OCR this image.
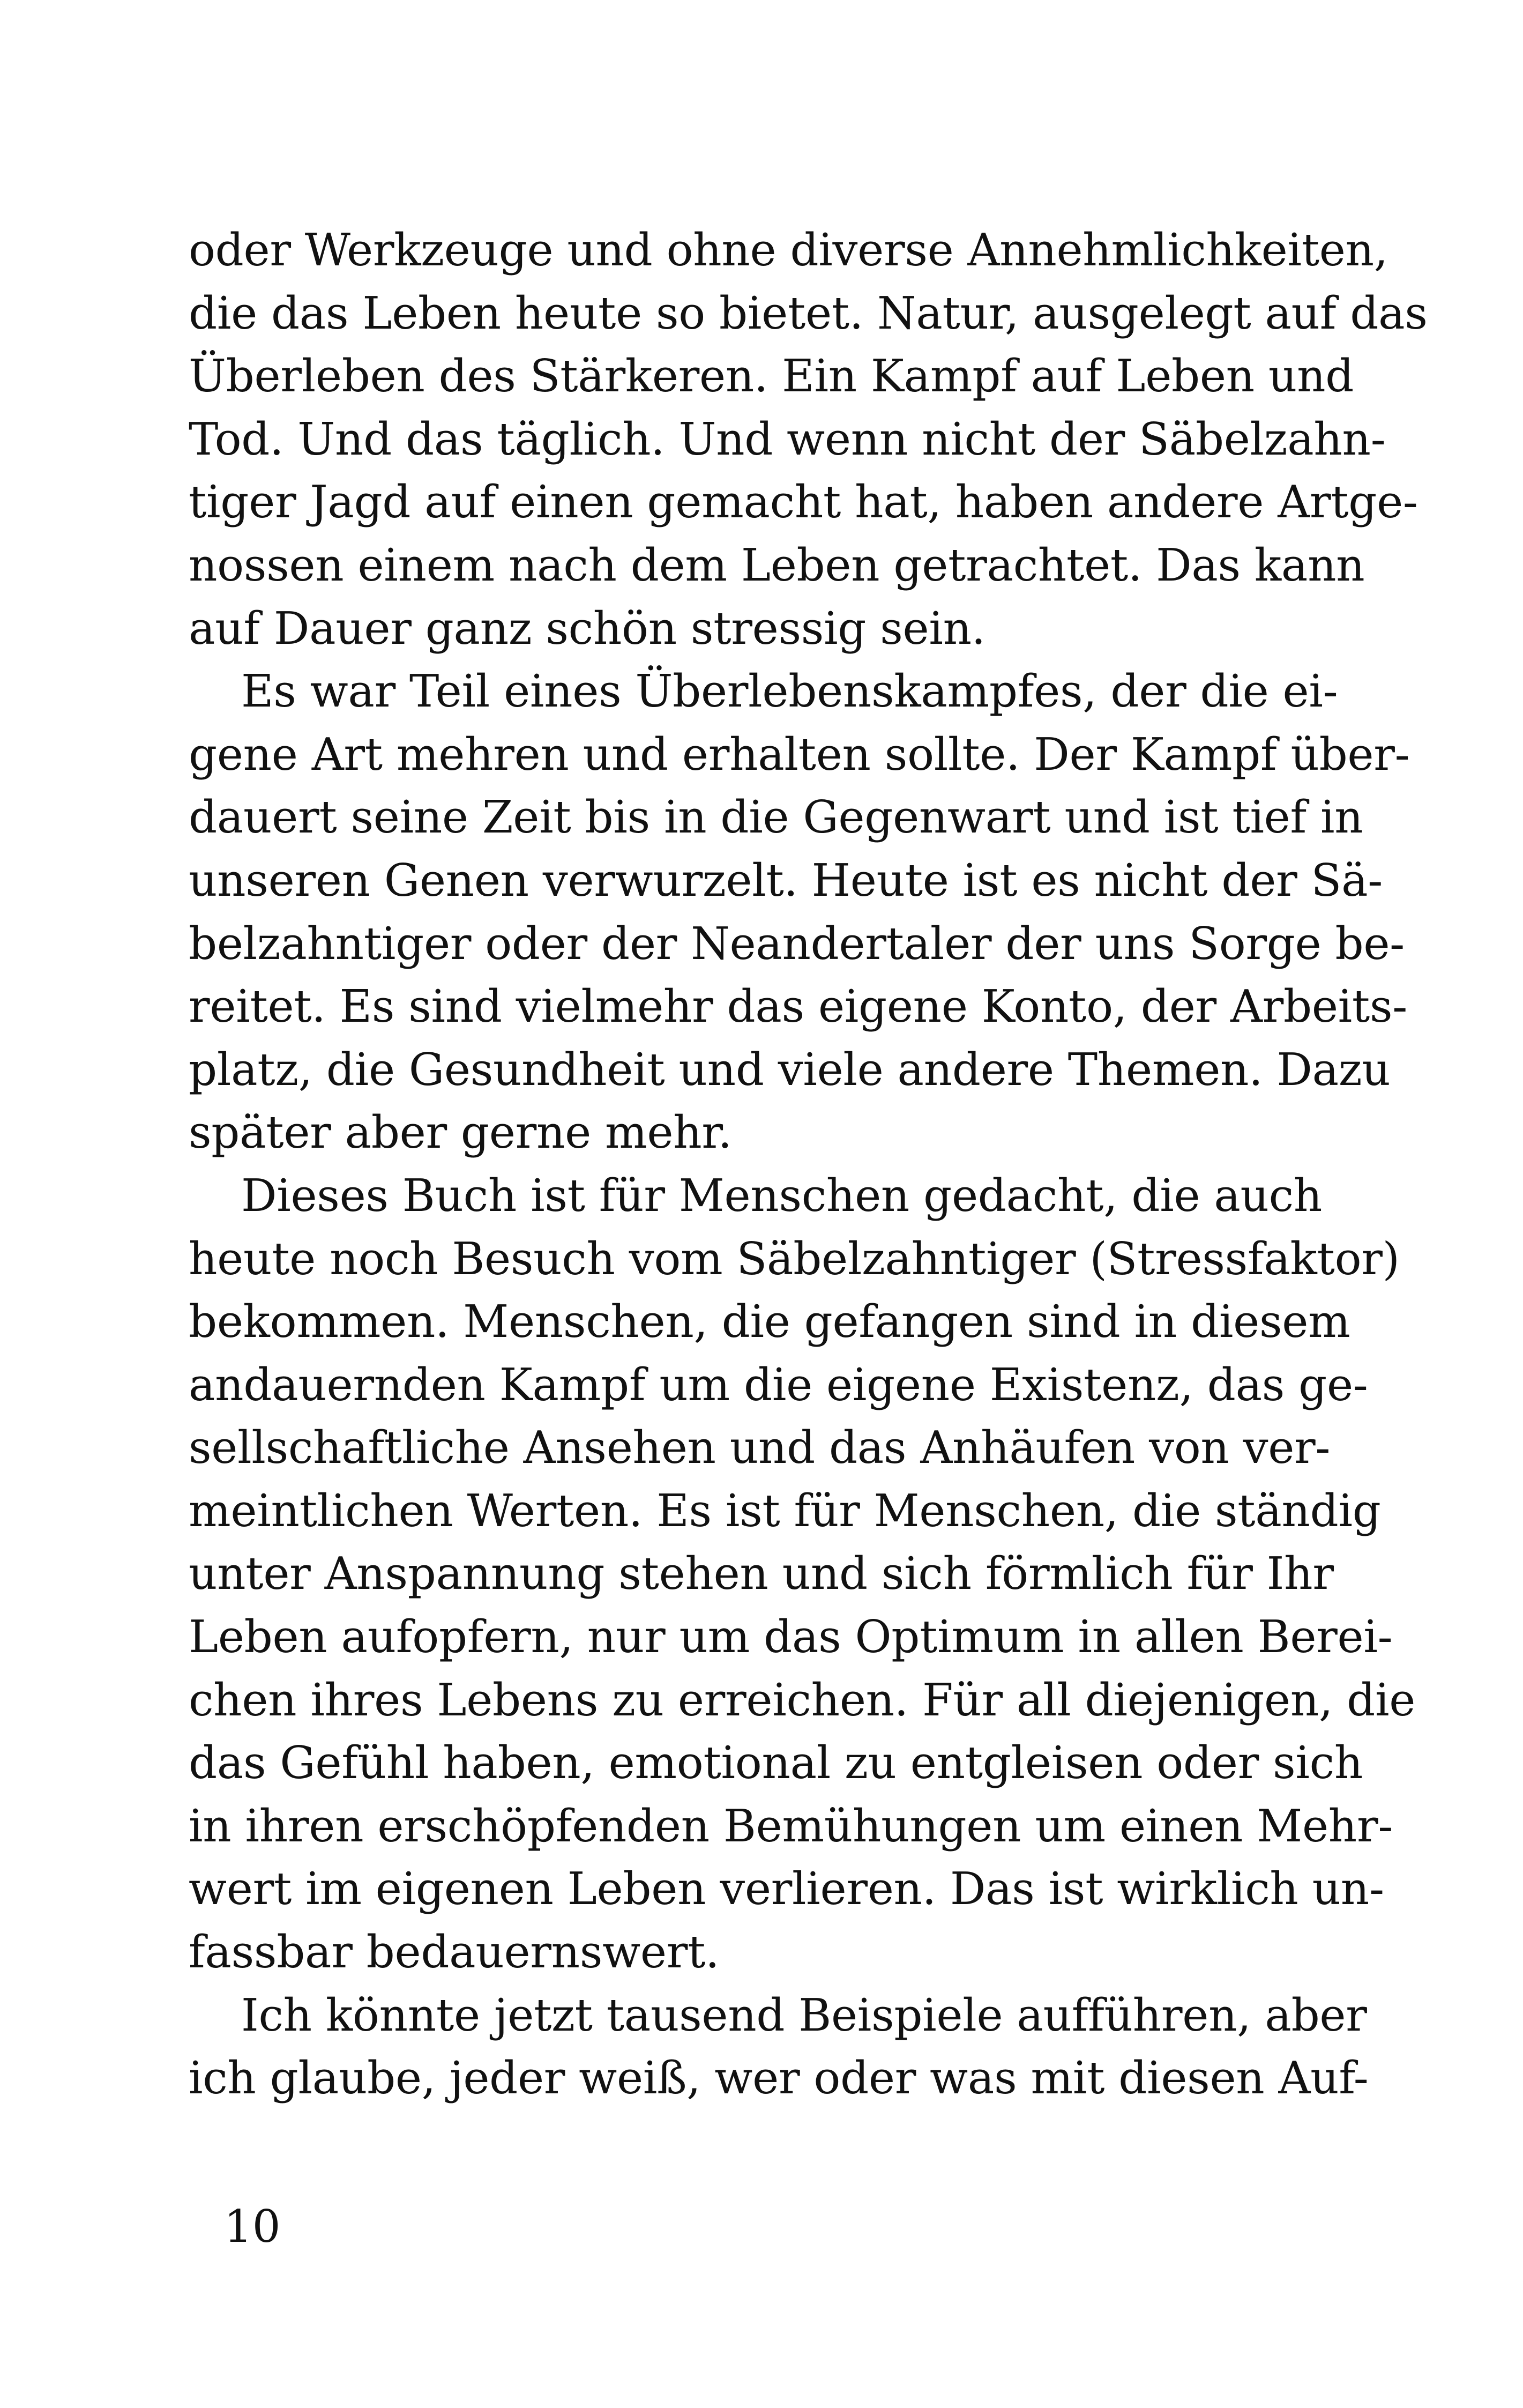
oder Werkzeuge und ohne diverse Annehmlichkeiten,
die das Leben heute so bietet. Natur, ausgelegt auf das
Überleben des Stärkeren. Ein Kampf auf Leben und
Tod. Und das täglich. Und wenn nicht der Säbelzahn-
tiger Jagd auf einen gemacht hat, haben andere Artge-
nossen einem nach dem Leben getrachtet. Das kann
auf Dauer ganz schön stressig sein.
Es war Teil eines Überlebenskampfes, der die ei-
gene Art mehren und erhalten sollte. Der Kampf über-
dauert seine Zeit bis in die Gegenwart und ist tief in
unseren Genen verwurzelt. Heute ist es nicht der Sä-
belzahntiger oder der Neandertaler der uns Sorge be-
reitet. Es sind vielmehr das eigene Konto, der Arbeits-
platz, die Gesundheit und viele andere Themen. Dazu
später aber gerne mehr.
Dieses Buch ist für Menschen gedacht, die auch
heute noch Besuch vom Säbelzahntiger (Stressfaktor)
bekommen. Menschen, die gefangen sind in diesem
andauernden Kampf um die eigene Existenz, das ge-
sellschaftliche Ansehen und das Anhäufen von ver-
meintlichen Werten. Es ist für Menschen, die ständig
unter Anspannung stehen und sich förmlich für Ihr
Leben aufopfern, nur um das Optimum in allen Berei-
chen ihres Lebens zu erreichen. Für all diejenigen, die
das Gefühl haben, emotional zu entgleisen oder sich
in ihren erschöpfenden Bemühungen um einen Mehr-
wert im eigenen Leben verlieren. Das ist wirklich un-
fassbar bedauernswert.
Ich könnte jetzt tausend Beispiele aufführen, aber
ich glaube, jeder weiß, wer oder was mit diesen Auf-
10
